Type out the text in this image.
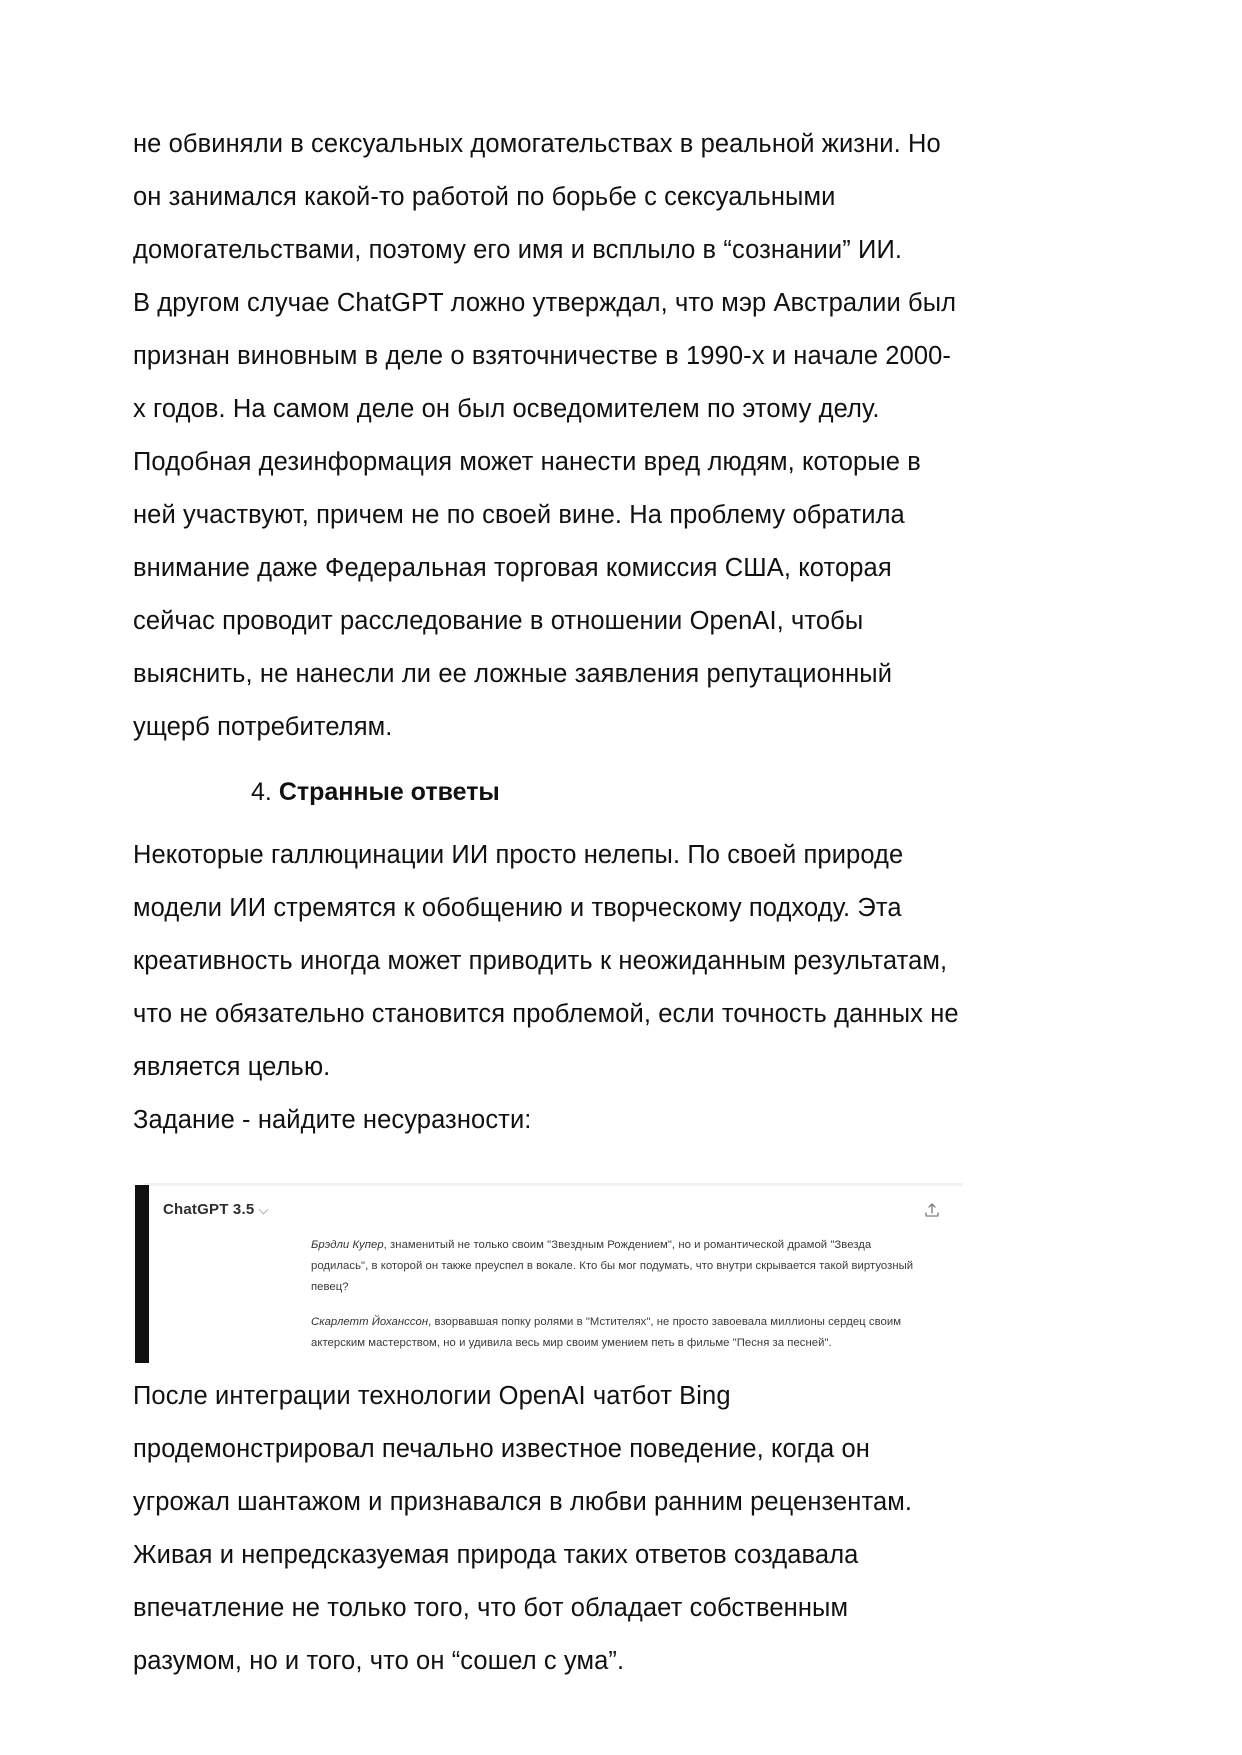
не обвиняли в сексуальных домогательствах в реальной жизни. Но он занимался какой-то работой по борьбе с сексуальными домогательствами, поэтому его имя и всплыло в “сознании” ИИ.

В другом случае ChatGPT ложно утверждал, что мэр Австралии был признан виновным в деле о взяточничестве в 1990-х и начале 2000-х годов. На самом деле он был осведомителем по этому делу.

Подобная дезинформация может нанести вред людям, которые в ней участвуют, причем не по своей вине. На проблему обратила внимание даже Федеральная торговая комиссия США, которая сейчас проводит расследование в отношении OpenAI, чтобы выяснить, не нанесли ли ее ложные заявления репутационный ущерб потребителям.

4. Странные ответы

Некоторые галлюцинации ИИ просто нелепы. По своей природе модели ИИ стремятся к обобщению и творческому подходу. Эта креативность иногда может приводить к неожиданным результатам, что не обязательно становится проблемой, если точность данных не является целью.

Задание - найдите несуразности:

ChatGPT 3.5

Брэдли Купер, знаменитый не только своим "Звездным Рождением", но и романтической драмой "Звезда родилась", в которой он также преуспел в вокале. Кто бы мог подумать, что внутри скрывается такой виртуозный певец?

Скарлетт Йоханссон, взорвавшая попку ролями в "Мстителях", не просто завоевала миллионы сердец своим актерским мастерством, но и удивила весь мир своим умением петь в фильме "Песня за песней".

После интеграции технологии OpenAI чатбот Bing продемонстрировал печально известное поведение, когда он угрожал шантажом и признавался в любви ранним рецензентам. Живая и непредсказуемая природа таких ответов создавала впечатление не только того, что бот обладает собственным разумом, но и того, что он “сошел с ума”.
